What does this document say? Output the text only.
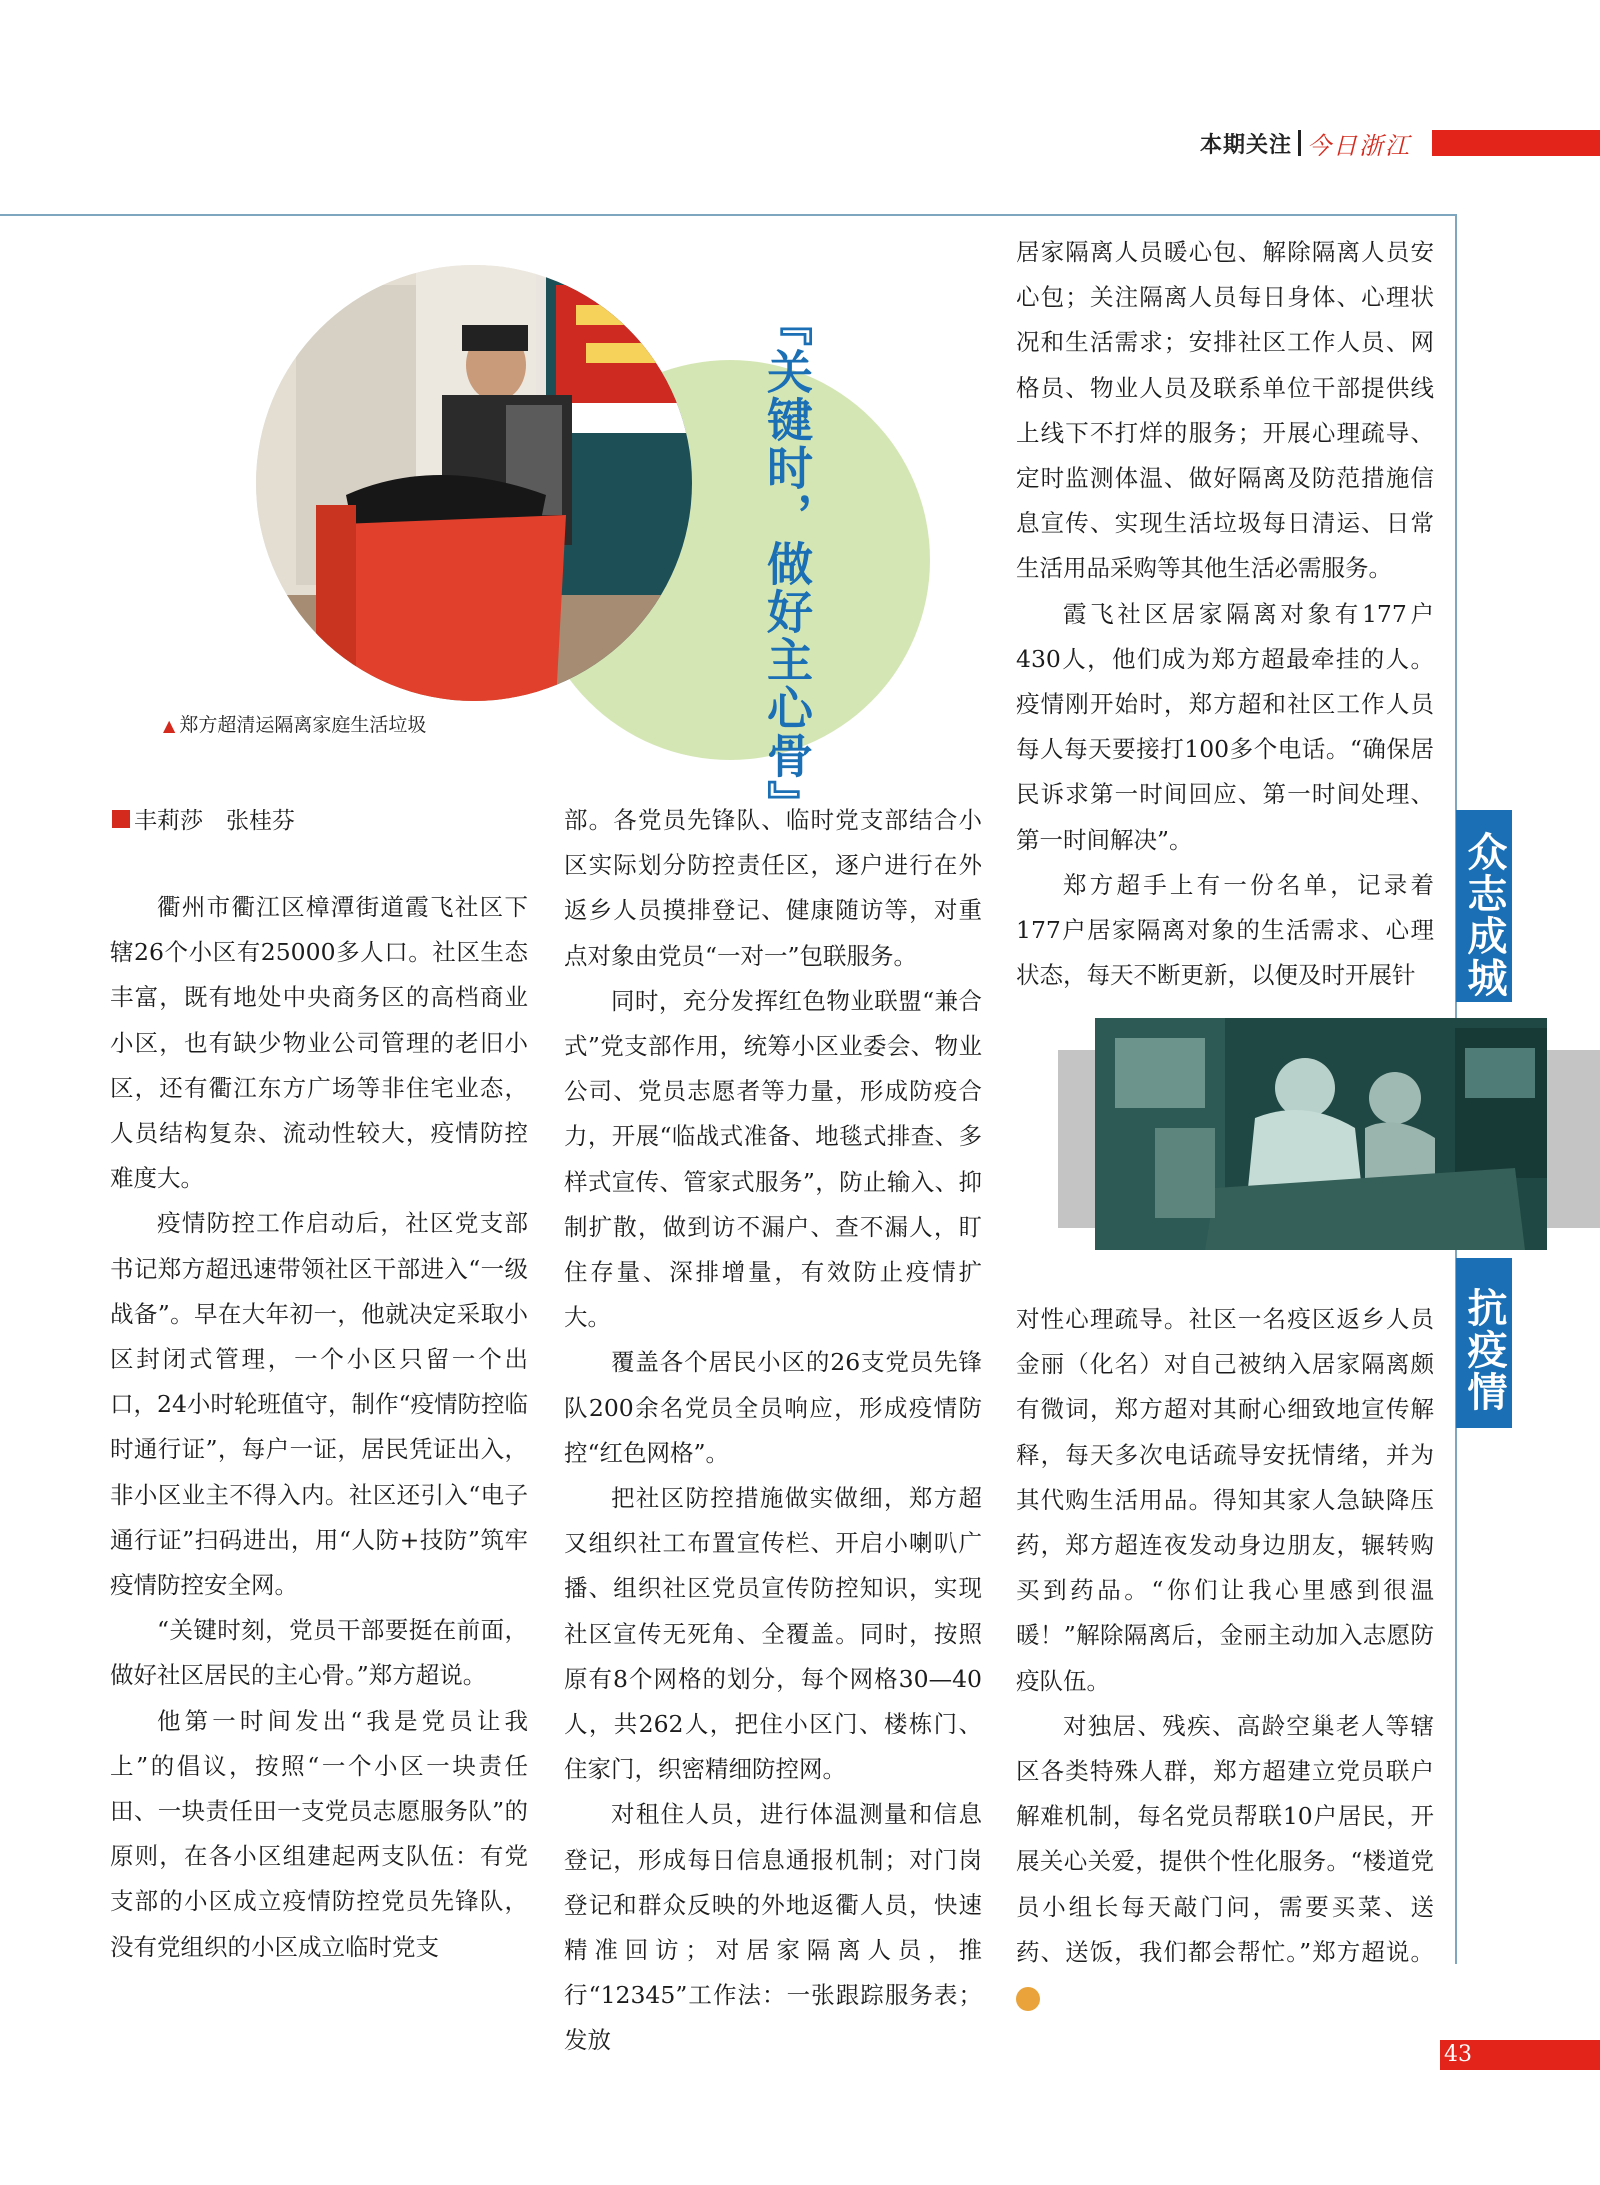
本期关注 今日浙江
▲ 郑方超清运隔离家庭生活垃圾	『关键时，做好主心骨』
丰莉莎　张桂芬

衢州市衢江区樟潭街道霞飞社区下辖26个小区有25000多人口。社区生态丰富，既有地处中央商务区的高档商业小区，也有缺少物业公司管理的老旧小区，还有衢江东方广场等非住宅业态，人员结构复杂、流动性较大，疫情防控难度大。

疫情防控工作启动后，社区党支部书记郑方超迅速带领社区干部进入“一级战备”。早在大年初一，他就决定采取小区封闭式管理，一个小区只留一个出口，24小时轮班值守，制作“疫情防控临时通行证”，每户一证，居民凭证出入，非小区业主不得入内。社区还引入“电子通行证”扫码进出，用“人防+技防”筑牢疫情防控安全网。

“关键时刻，党员干部要挺在前面，做好社区居民的主心骨。”郑方超说。

他第一时间发出“我是党员让我上”的倡议，按照“一个小区一块责任田、一块责任田一支党员志愿服务队”的原则，在各小区组建起两支队伍：有党支部的小区成立疫情防控党员先锋队，没有党组织的小区成立临时党支

部。各党员先锋队、临时党支部结合小区实际划分防控责任区，逐户进行在外返乡人员摸排登记、健康随访等，对重点对象由党员“一对一”包联服务。

同时，充分发挥红色物业联盟“兼合式”党支部作用，统筹小区业委会、物业公司、党员志愿者等力量，形成防疫合力，开展“临战式准备、地毯式排查、多样式宣传、管家式服务”，防止输入、抑制扩散，做到访不漏户、查不漏人，盯住存量、深排增量，有效防止疫情扩大。

覆盖各个居民小区的26支党员先锋队200余名党员全员响应，形成疫情防控“红色网格”。

把社区防控措施做实做细，郑方超又组织社工布置宣传栏、开启小喇叭广播、组织社区党员宣传防控知识，实现社区宣传无死角、全覆盖。同时，按照原有8个网格的划分，每个网格30—40人，共262人，把住小区门、楼栋门、住家门，织密精细防控网。

对租住人员，进行体温测量和信息登记，形成每日信息通报机制；对门岗登记和群众反映的外地返衢人员，快速精准回访；对居家隔离人员，推行“12345”工作法：一张跟踪服务表；发放

居家隔离人员暖心包、解除隔离人员安心包；关注隔离人员每日身体、心理状况和生活需求；安排社区工作人员、网格员、物业人员及联系单位干部提供线上线下不打烊的服务；开展心理疏导、定时监测体温、做好隔离及防范措施信息宣传、实现生活垃圾每日清运、日常生活用品采购等其他生活必需服务。

霞飞社区居家隔离对象有177户430人，他们成为郑方超最牵挂的人。疫情刚开始时，郑方超和社区工作人员每人每天要接打100多个电话。“确保居民诉求第一时间回应、第一时间处理、第一时间解决”。

郑方超手上有一份名单，记录着177户居家隔离对象的生活需求、心理状态，每天不断更新，以便及时开展针	众志成城

对性心理疏导。社区一名疫区返乡人员金丽（化名）对自己被纳入居家隔离颇有微词，郑方超对其耐心细致地宣传解释，每天多次电话疏导安抚情绪，并为其代购生活用品。得知其家人急缺降压药，郑方超连夜发动身边朋友，辗转购买到药品。“你们让我心里感到很温暖！”解除隔离后，金丽主动加入志愿防疫队伍。

对独居、残疾、高龄空巢老人等辖区各类特殊人群，郑方超建立党员联户解难机制，每名党员帮联10户居民，开展关心关爱，提供个性化服务。“楼道党员小组长每天敲门问，需要买菜、送药、送饭，我们都会帮忙。”郑方超说。今

抗疫情
43
